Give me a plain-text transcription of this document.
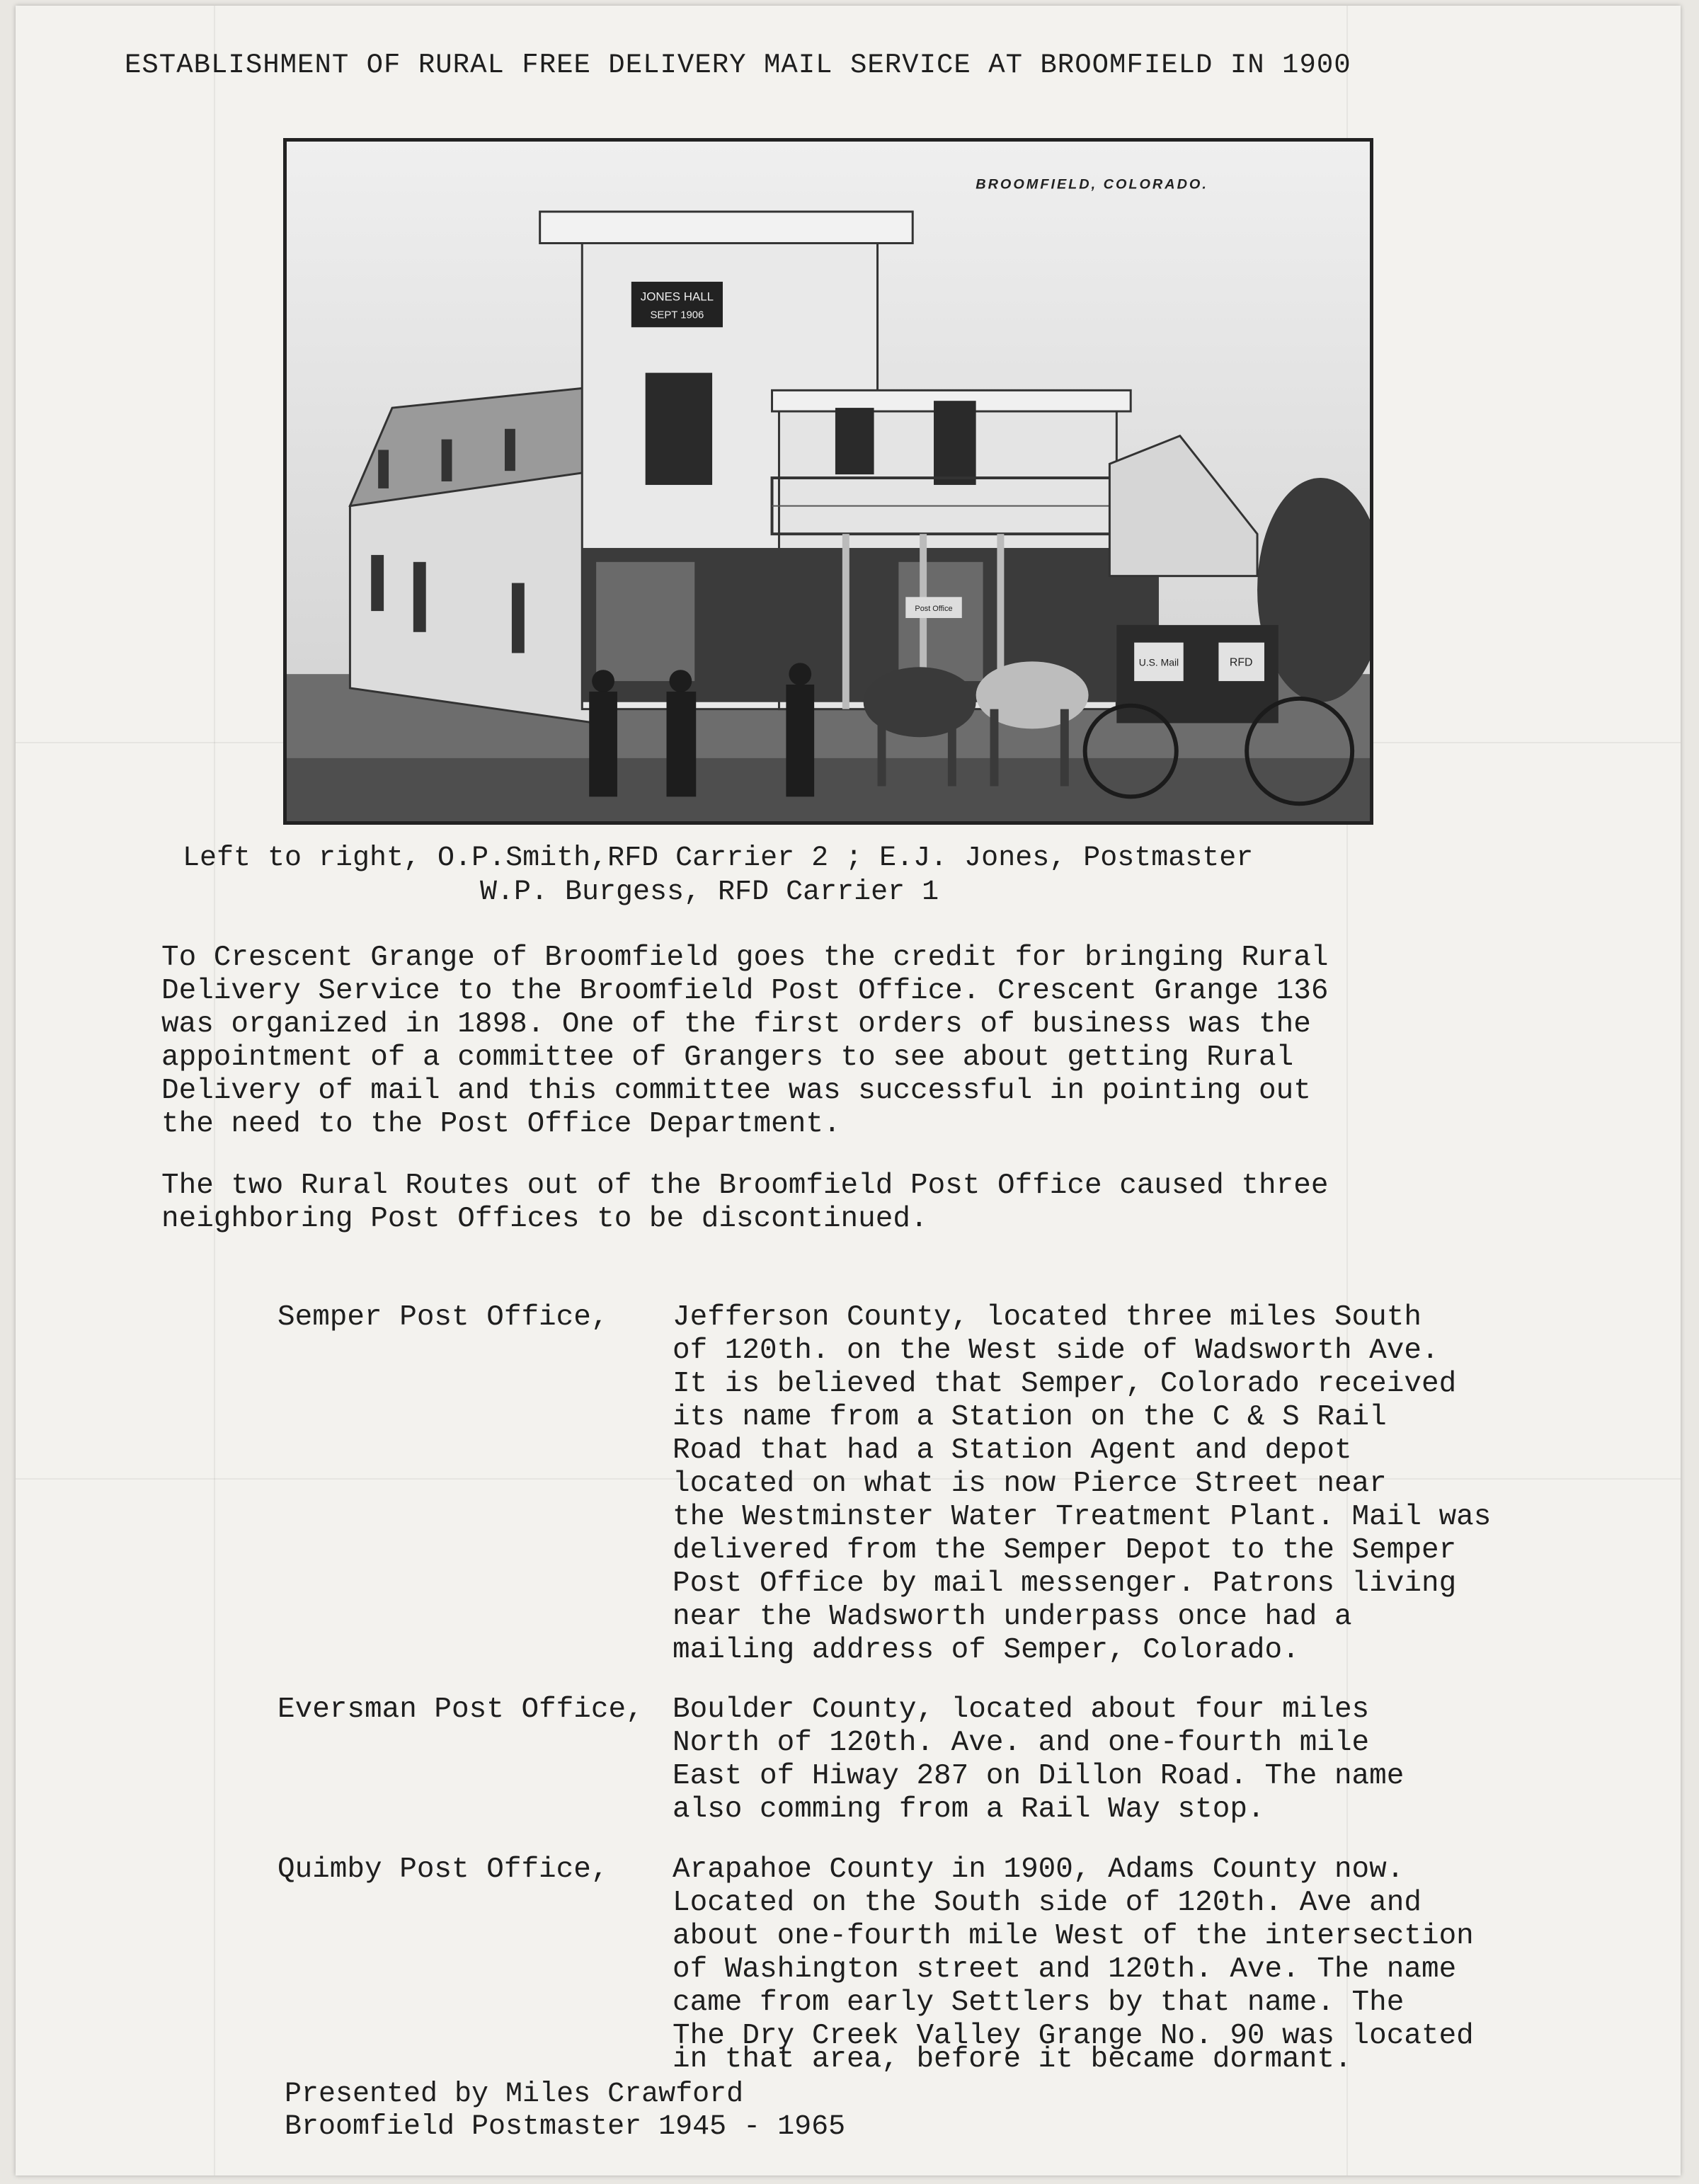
ESTABLISHMENT OF RURAL FREE DELIVERY MAIL SERVICE AT BROOMFIELD IN 1900
JONES HALL
SEPT 1906
Post Office
U.S. Mail	RFD
BROOMFIELD, COLORADO.
Left to right, O.P.Smith,RFD Carrier 2 ; E.J. Jones, Postmaster
W.P. Burgess, RFD Carrier 1
To Crescent Grange of Broomfield goes the credit for bringing Rural
Delivery Service to the Broomfield Post Office. Crescent Grange 136
was organized in 1898. One of the first orders of business was the
appointment of a committee of Grangers to see about getting Rural
Delivery of mail and this committee was successful in pointing out
the need to the Post Office Department.
The two Rural Routes out of the Broomfield Post Office caused three
neighboring Post Offices to be discontinued.
Semper Post Office, Jefferson County, located three miles South
of 120th. on the West side of Wadsworth Ave.
It is believed that Semper, Colorado received
its name from a Station on the C & S Rail
Road that had a Station Agent and depot
located on what is now Pierce Street near
the Westminster Water Treatment Plant. Mail was
delivered from the Semper Depot to the Semper
Post Office by mail messenger. Patrons living
near the Wadsworth underpass once had a
mailing address of Semper, Colorado.
Eversman Post Office, Boulder County, located about four miles
North of 120th. Ave. and one-fourth mile
East of Hiway 287 on Dillon Road. The name
also comming from a Rail Way stop.
Quimby Post Office, Arapahoe County in 1900, Adams County now.
Located on the South side of 120th. Ave and
about one-fourth mile West of the intersection
of Washington street and 120th. Ave. The name
came from early Settlers by that name. The
The Dry Creek Valley Grange No. 90 was located
in that area, before it became dormant.
Presented by Miles Crawford
Broomfield Postmaster 1945 - 1965
